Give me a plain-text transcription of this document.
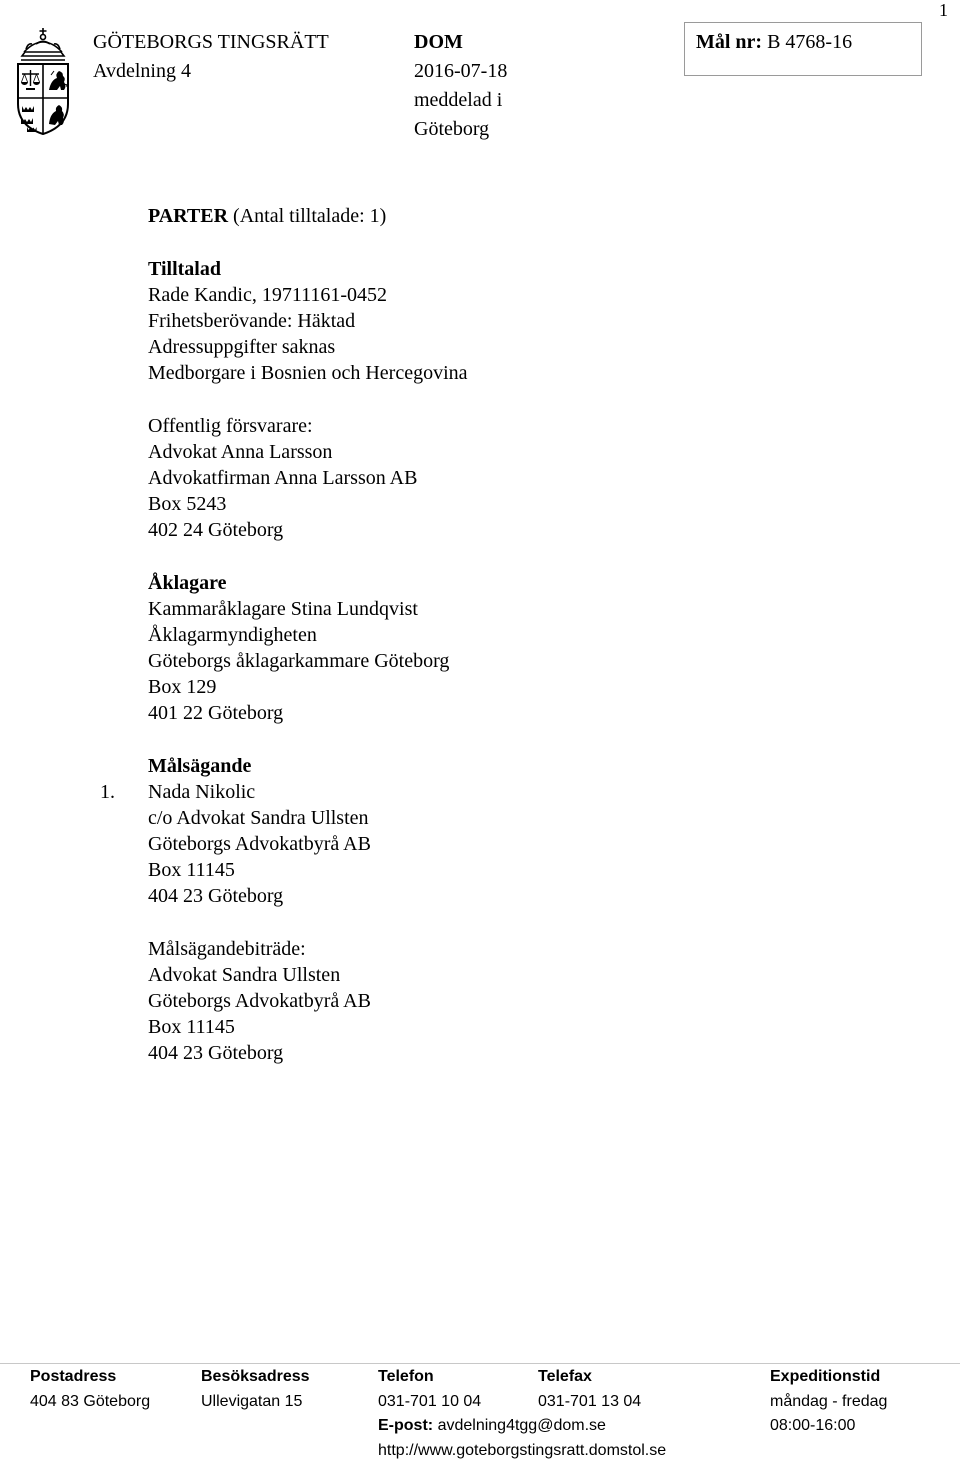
1
GÖTEBORGS TINGSRÄTT
Avdelning 4
DOM
2016-07-18
meddelad i
Göteborg
Mål nr: B 4768-16
PARTER (Antal tilltalade: 1)
Tilltalad
Rade Kandic, 19711161-0452
Frihetsberövande: Häktad
Adressuppgifter saknas
Medborgare i Bosnien och Hercegovina
Offentlig försvarare:
Advokat Anna Larsson
Advokatfirman Anna Larsson AB
Box 5243
402 24 Göteborg
Åklagare
Kammaråklagare Stina Lundqvist
Åklagarmyndigheten
Göteborgs åklagarkammare Göteborg
Box 129
401 22 Göteborg
Målsägande
Nada Nikolic
c/o Advokat Sandra Ullsten
Göteborgs Advokatbyrå AB
Box 11145
404 23 Göteborg
Målsägandebiträde:
Advokat Sandra Ullsten
Göteborgs Advokatbyrå AB
Box 11145
404 23 Göteborg
1.
Postadress
404 83 Göteborg
Besöksadress
Ullevigatan 15
Telefon
031-701 10 04
E-post: avdelning4tgg@dom.se
http://www.goteborgstingsratt.domstol.se
Telefax
031-701 13 04
Expeditionstid
måndag - fredag
08:00-16:00
